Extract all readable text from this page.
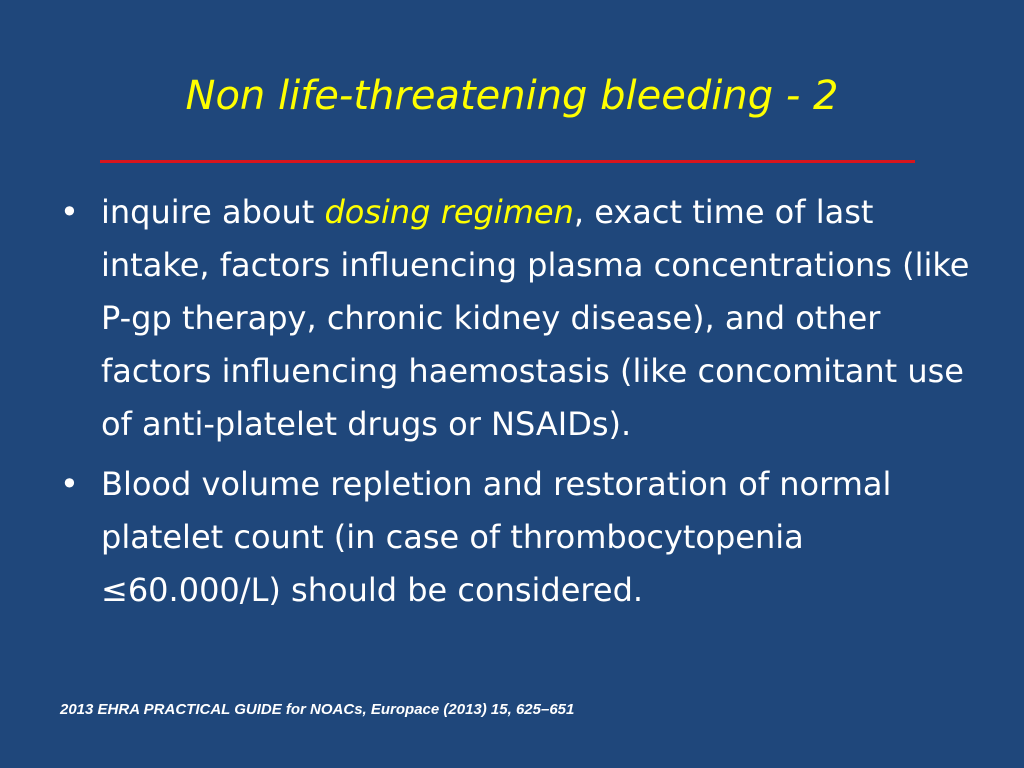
Non life-threatening bleeding - 2
• inquire about dosing regimen, exact time of last intake, factors influencing plasma concentrations (like P-gp therapy, chronic kidney disease), and other factors influencing haemostasis (like concomitant use of anti-platelet drugs or NSAIDs).
• Blood volume repletion and restoration of normal platelet count (in case of thrombocytopenia ≤60.000/L) should be considered.
2013 EHRA PRACTICAL GUIDE for NOACs, Europace (2013) 15, 625–651
